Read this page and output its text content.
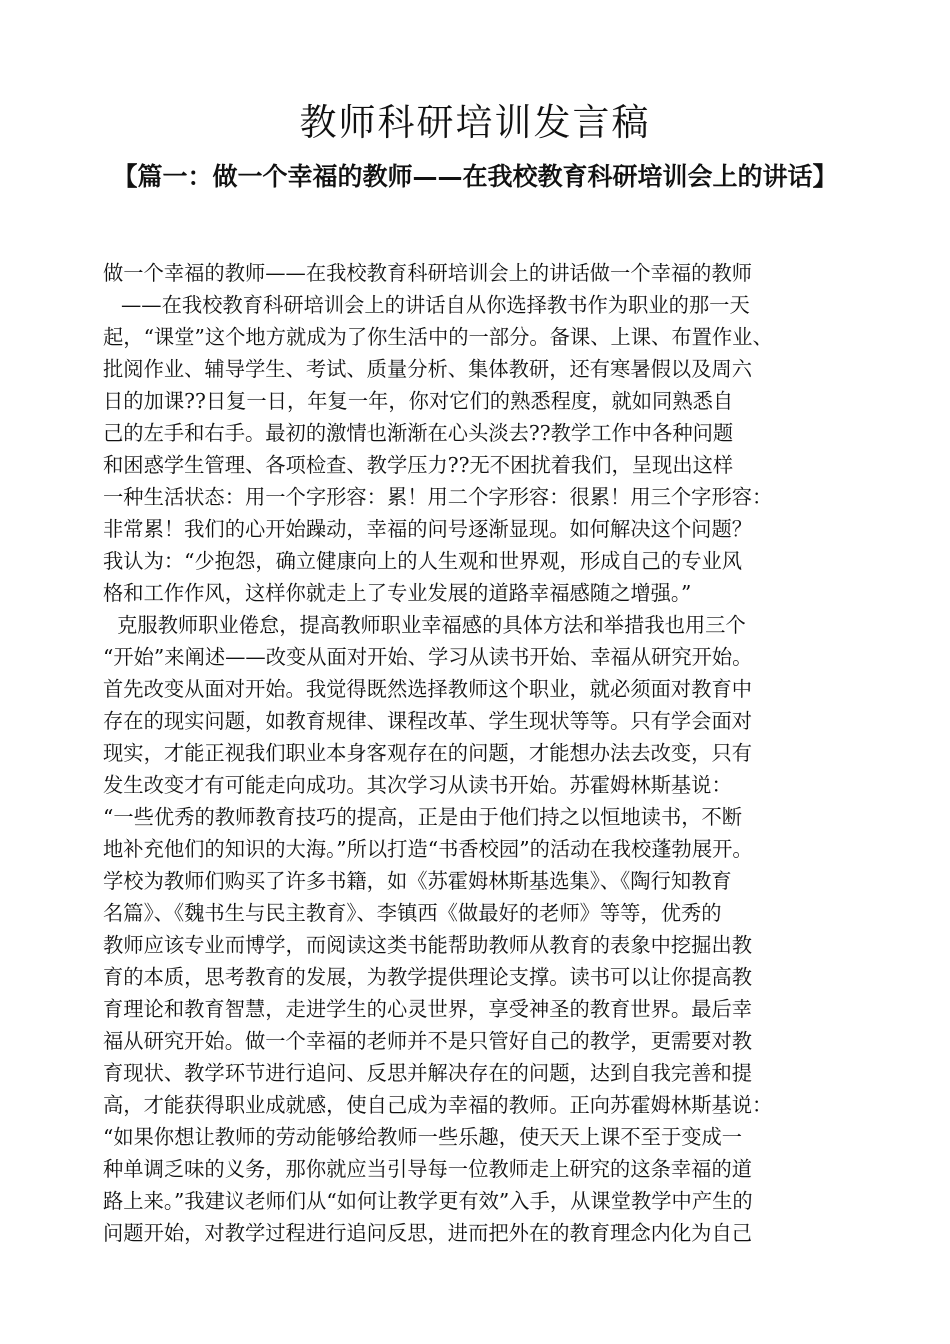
教师科研培训发言稿
【篇一：做一个幸福的教师——在我校教育科研培训会上的讲话】
做一个幸福的教师——在我校教育科研培训会上的讲话做一个幸福的教师
——在我校教育科研培训会上的讲话自从你选择教书作为职业的那一天
起，“课堂”这个地方就成为了你生活中的一部分。备课、上课、布置作业、
批阅作业、辅导学生、考试、质量分析、集体教研，还有寒暑假以及周六
日的加课??日复一日，年复一年，你对它们的熟悉程度，就如同熟悉自
己的左手和右手。最初的激情也渐渐在心头淡去??教学工作中各种问题
和困惑学生管理、各项检查、教学压力??无不困扰着我们，呈现出这样
一种生活状态：用一个字形容：累！用二个字形容：很累！用三个字形容：
非常累！我们的心开始躁动，幸福的问号逐渐显现。如何解决这个问题？
我认为：“少抱怨，确立健康向上的人生观和世界观，形成自己的专业风
格和工作作风，这样你就走上了专业发展的道路幸福感随之增强。”
克服教师职业倦怠，提高教师职业幸福感的具体方法和举措我也用三个
“开始”来阐述——改变从面对开始、学习从读书开始、幸福从研究开始。
首先改变从面对开始。我觉得既然选择教师这个职业，就必须面对教育中
存在的现实问题，如教育规律、课程改革、学生现状等等。只有学会面对
现实，才能正视我们职业本身客观存在的问题，才能想办法去改变，只有
发生改变才有可能走向成功。其次学习从读书开始。苏霍姆林斯基说：
“一些优秀的教师教育技巧的提高，正是由于他们持之以恒地读书，不断
地补充他们的知识的大海。”所以打造“书香校园”的活动在我校蓬勃展开。
学校为教师们购买了许多书籍，如《苏霍姆林斯基选集》、《陶行知教育
名篇》、《魏书生与民主教育》、李镇西《做最好的老师》等等，优秀的
教师应该专业而博学，而阅读这类书能帮助教师从教育的表象中挖掘出教
育的本质，思考教育的发展，为教学提供理论支撑。读书可以让你提高教
育理论和教育智慧，走进学生的心灵世界，享受神圣的教育世界。最后幸
福从研究开始。做一个幸福的老师并不是只管好自己的教学，更需要对教
育现状、教学环节进行追问、反思并解决存在的问题，达到自我完善和提
高，才能获得职业成就感，使自己成为幸福的教师。正向苏霍姆林斯基说：
“如果你想让教师的劳动能够给教师一些乐趣，使天天上课不至于变成一
种单调乏味的义务，那你就应当引导每一位教师走上研究的这条幸福的道
路上来。”我建议老师们从“如何让教学更有效”入手，从课堂教学中产生的
问题开始，对教学过程进行追问反思，进而把外在的教育理念内化为自己
